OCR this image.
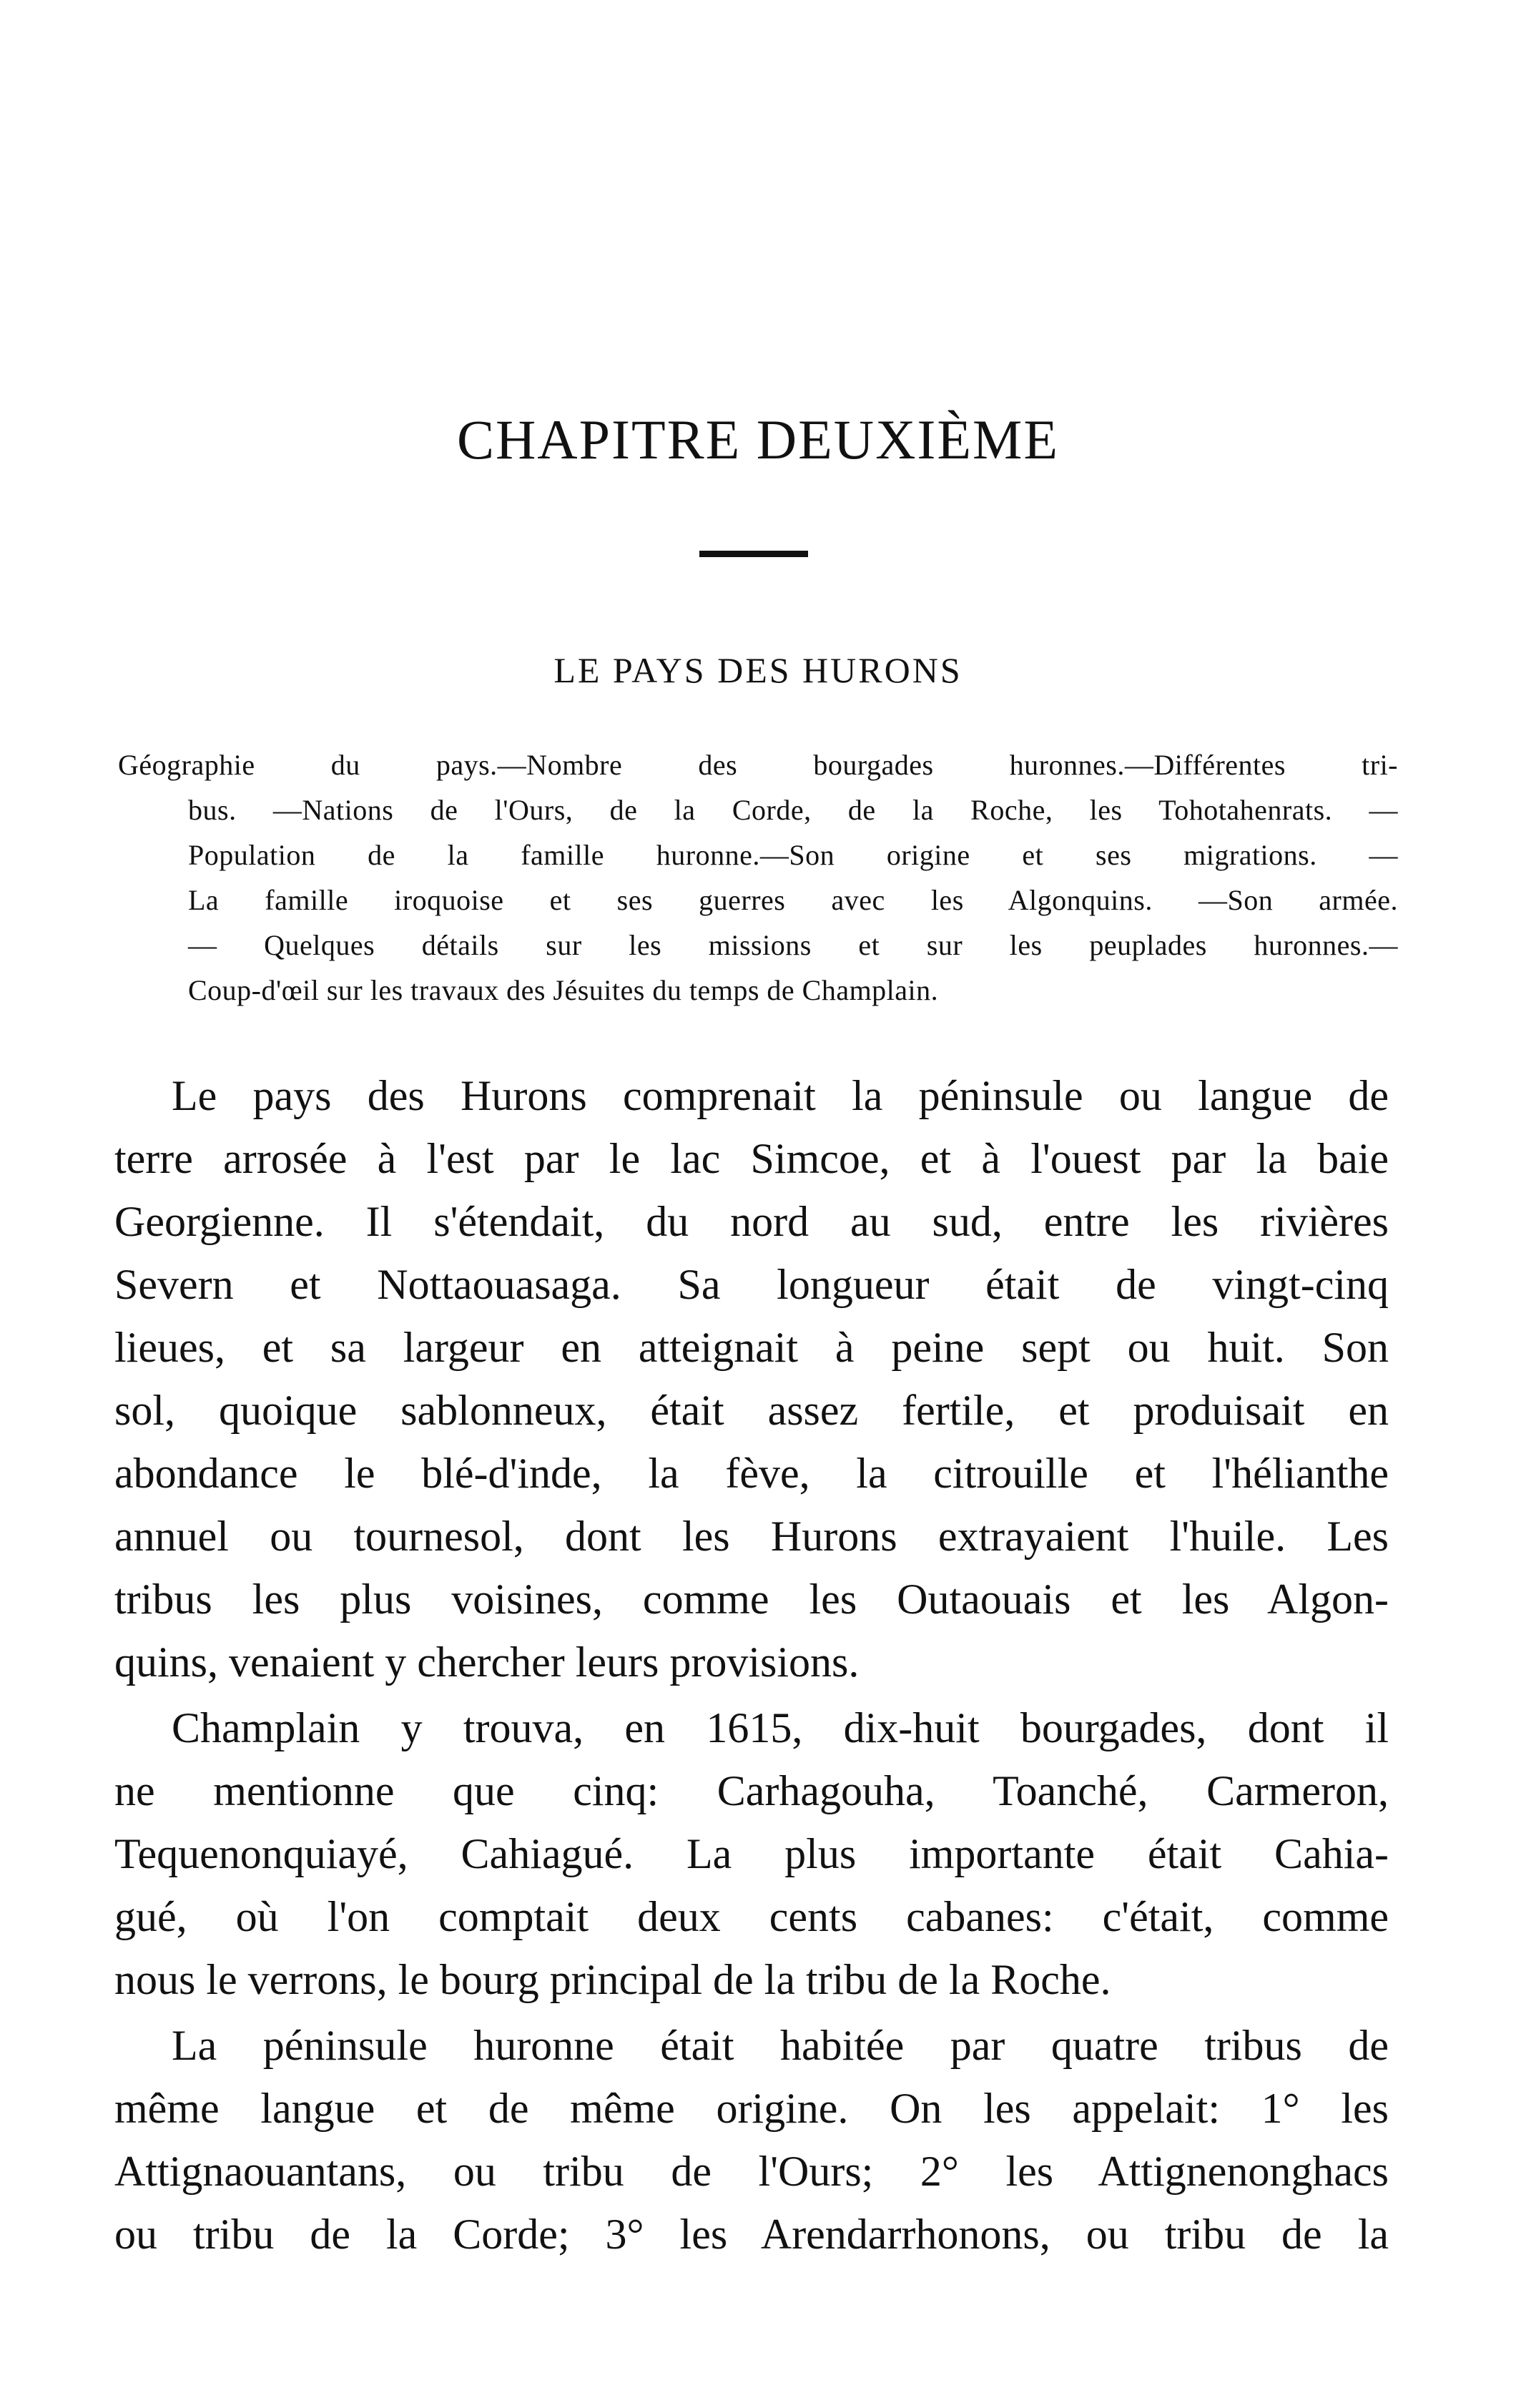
CHAPITRE DEUXIÈME
LE PAYS DES HURONS
Géographie du pays.—Nombre des bourgades huronnes.—Différentes tri-
bus. —Nations de l'Ours, de la Corde, de la Roche, les Tohotahenrats. —
Population de la famille huronne.—Son origine et ses migrations. —
La famille iroquoise et ses guerres avec les Algonquins. —Son armée.
— Quelques détails sur les missions et sur les peuplades huronnes.—
Coup-d'œil sur les travaux des Jésuites du temps de Champlain.
Le pays des Hurons comprenait la péninsule ou langue de
terre arrosée à l'est par le lac Simcoe, et à l'ouest par la baie
Georgienne. Il s'étendait, du nord au sud, entre les rivières
Severn et Nottaouasaga. Sa longueur était de vingt-cinq
lieues, et sa largeur en atteignait à peine sept ou huit. Son
sol, quoique sablonneux, était assez fertile, et produisait en
abondance le blé-d'inde, la fève, la citrouille et l'hélianthe
annuel ou tournesol, dont les Hurons extrayaient l'huile. Les
tribus les plus voisines, comme les Outaouais et les Algon-
quins, venaient y chercher leurs provisions.
Champlain y trouva, en 1615, dix-huit bourgades, dont il
ne mentionne que cinq: Carhagouha, Toanché, Carmeron,
Tequenonquiayé, Cahiagué. La plus importante était Cahia-
gué, où l'on comptait deux cents cabanes: c'était, comme
nous le verrons, le bourg principal de la tribu de la Roche.
La péninsule huronne était habitée par quatre tribus de
même langue et de même origine. On les appelait: 1° les
Attignaouantans, ou tribu de l'Ours; 2° les Attignenonghacs
ou tribu de la Corde; 3° les Arendarrhonons, ou tribu de la
